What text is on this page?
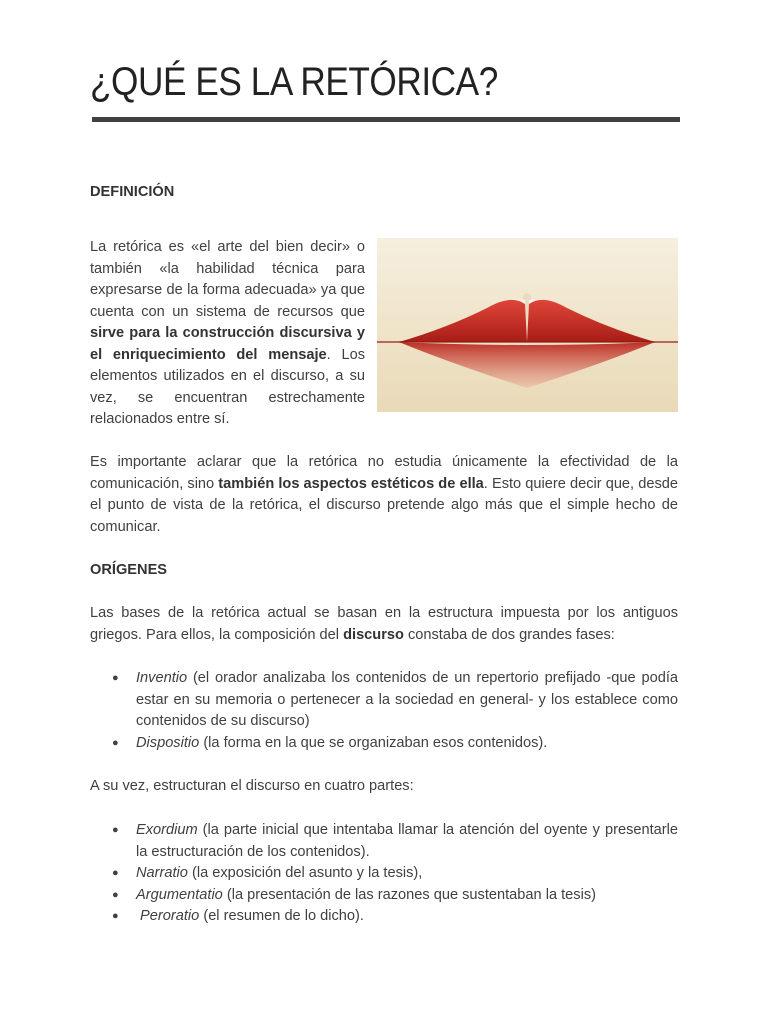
¿QUÉ ES LA RETÓRICA?
DEFINICIÓN

La retórica es «el arte del bien decir» o también «la habilidad técnica para expresarse de la forma adecuada» ya que cuenta con un sistema de recursos que sirve para la construcción discursiva y el enriquecimiento del mensaje. Los elementos utilizados en el discurso, a su vez, se encuentran estrechamente relacionados entre sí.

Es importante aclarar que la retórica no estudia únicamente la efectividad de la comunicación, sino también los aspectos estéticos de ella. Esto quiere decir que, desde el punto de vista de la retórica, el discurso pretende algo más que el simple hecho de comunicar.

ORÍGENES

Las bases de la retórica actual se basan en la estructura impuesta por los antiguos griegos. Para ellos, la composición del discurso constaba de dos grandes fases:

● Inventio (el orador analizaba los contenidos de un repertorio prefijado -que podía estar en su memoria o pertenecer a la sociedad en general- y los establece como contenidos de su discurso)
● Dispositio (la forma en la que se organizaban esos contenidos).
A su vez, estructuran el discurso en cuatro partes:
● Exordium (la parte inicial que intentaba llamar la atención del oyente y presentarle la estructuración de los contenidos).
● Narratio (la exposición del asunto y la tesis),
● Argumentatio (la presentación de las razones que sustentaban la tesis)
●  Peroratio (el resumen de lo dicho).
